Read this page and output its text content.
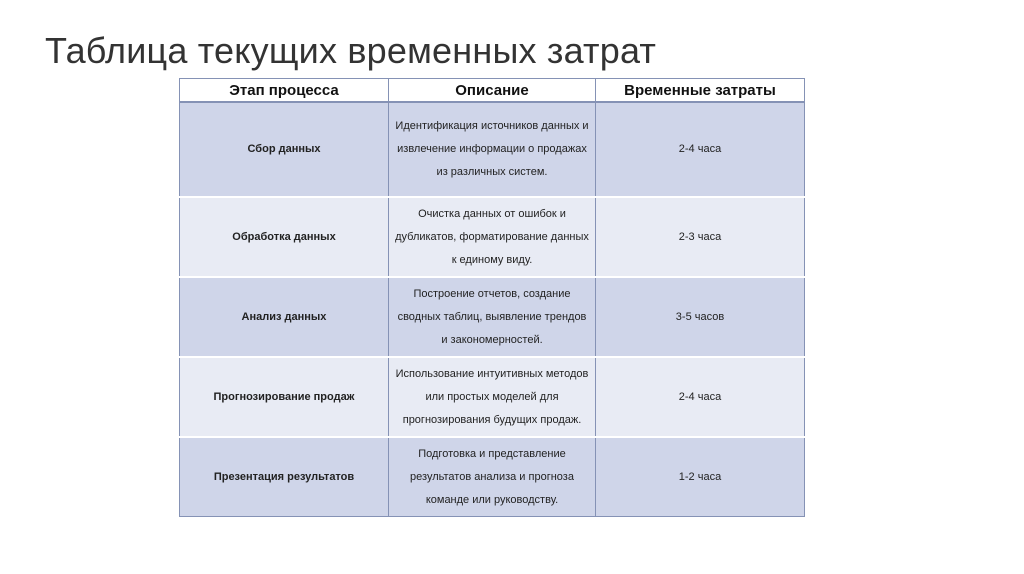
Таблица текущих временных затрат
Этап процесса	Описание	Временные затраты
Сбор данных	Идентификация источников данных и извлечение информации о продажах из различных систем.	2-4 часа
Обработка данных	Очистка данных от ошибок и дубликатов, форматирование данных к единому виду.	2-3 часа
Анализ данных	Построение отчетов, создание сводных таблиц, выявление трендов и закономерностей.	3-5 часов
Прогнозирование продаж	Использование интуитивных методов или простых моделей для прогнозирования будущих продаж.	2-4 часа
Презентация результатов	Подготовка и представление результатов анализа и прогноза команде или руководству.	1-2 часа
